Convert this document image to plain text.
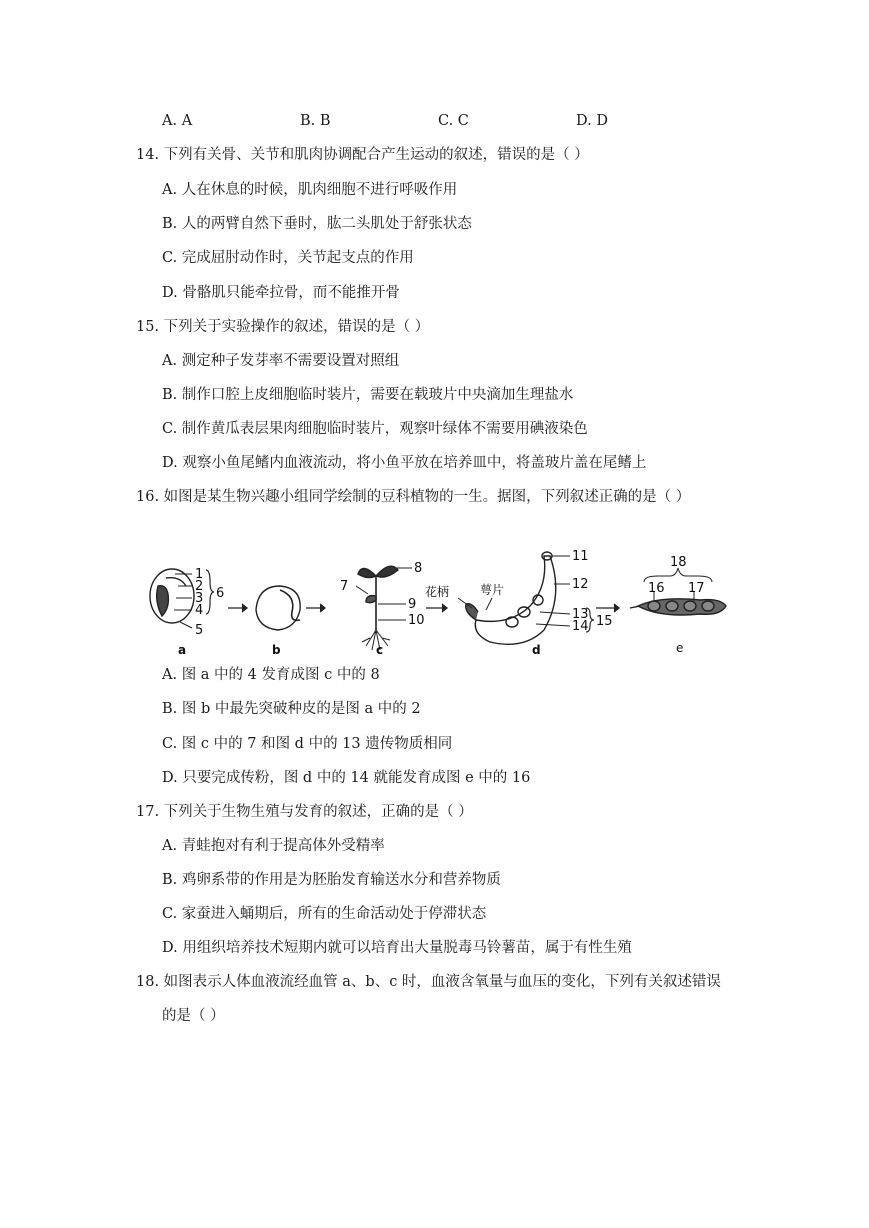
A. A	B. B	C. C	D. D
14. 下列有关骨、关节和肌肉协调配合产生运动的叙述，错误的是（ ）
A. 人在休息的时候，肌肉细胞不进行呼吸作用
B. 人的两臂自然下垂时，肱二头肌处于舒张状态
C. 完成屈肘动作时，关节起支点的作用
D. 骨骼肌只能牵拉骨，而不能推开骨
15. 下列关于实验操作的叙述，错误的是（ ）
A. 测定种子发芽率不需要设置对照组
B. 制作口腔上皮细胞临时装片，需要在载玻片中央滴加生理盐水
C. 制作黄瓜表层果肉细胞临时装片，观察叶绿体不需要用碘液染色
D. 观察小鱼尾鳍内血液流动，将小鱼平放在培养皿中，将盖玻片盖在尾鳍上
16. 如图是某生物兴趣小组同学绘制的豆科植物的一生。据图，下列叙述正确的是（ ）
1
2
3
4
5
6
8
7
9
10
11
12
13
14 15
花柄	萼片
18
16 17
a	b	c	d	e
A. 图 a 中的 4 发育成图 c 中的 8
B. 图 b 中最先突破种皮的是图 a 中的 2
C. 图 c 中的 7 和图 d 中的 13 遗传物质相同
D. 只要完成传粉，图 d 中的 14 就能发育成图 e 中的 16
17. 下列关于生物生殖与发育的叙述，正确的是（ ）
A. 青蛙抱对有利于提高体外受精率
B. 鸡卵系带的作用是为胚胎发育输送水分和营养物质
C. 家蚕进入蛹期后，所有的生命活动处于停滞状态
D. 用组织培养技术短期内就可以培育出大量脱毒马铃薯苗，属于有性生殖
18. 如图表示人体血液流经血管 a、b、c 时，血液含氧量与血压的变化，下列有关叙述错误
的是（ ）
